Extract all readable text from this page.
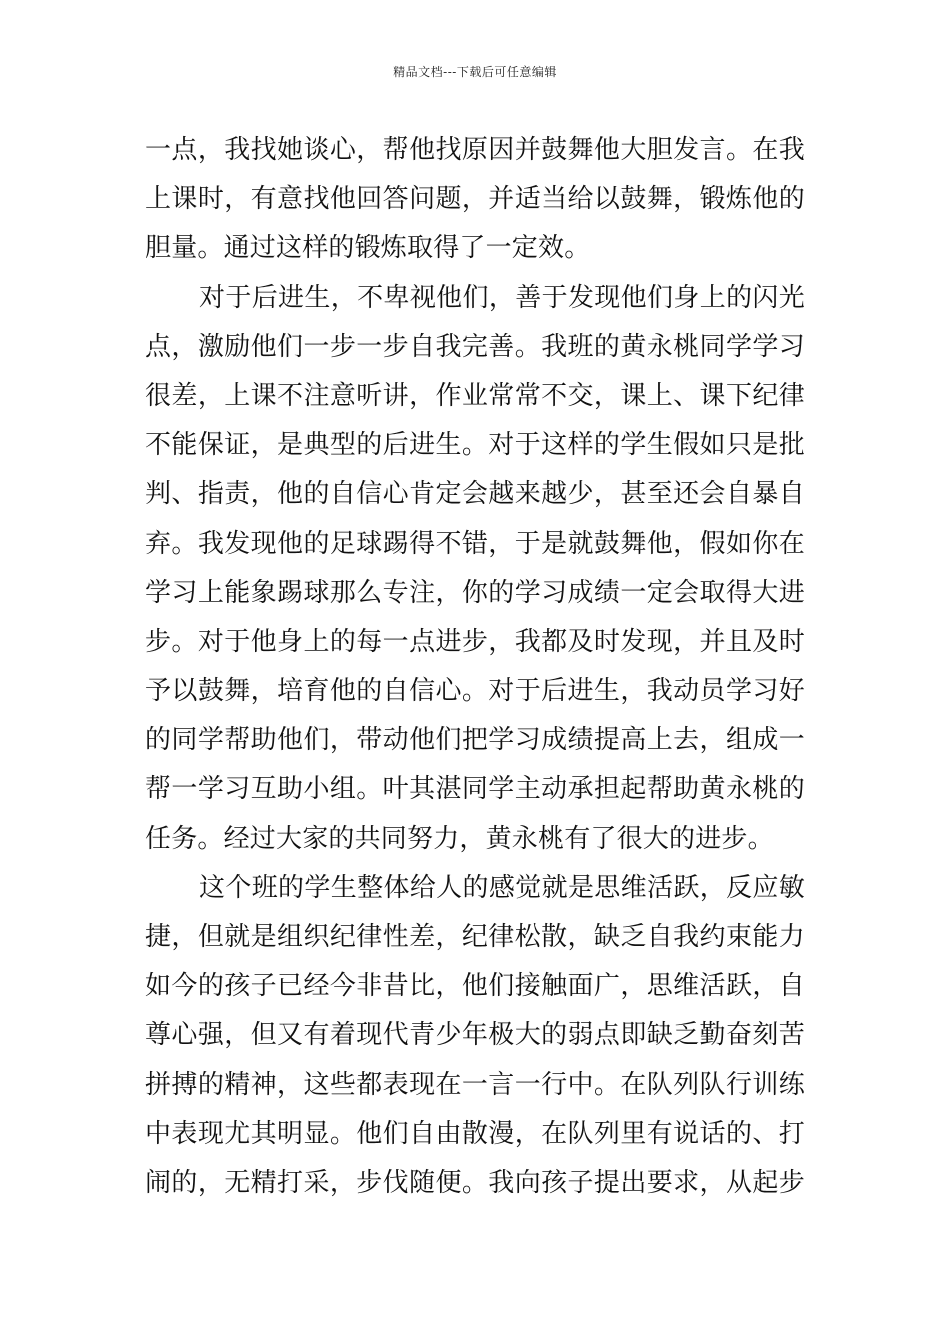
精品文档---下载后可任意编辑
一点，我找她谈心，帮他找原因并鼓舞他大胆发言。在我
上课时，有意找他回答问题，并适当给以鼓舞，锻炼他的
胆量。通过这样的锻炼取得了一定效。
对于后进生，不卑视他们，善于发现他们身上的闪光
点，激励他们一步一步自我完善。我班的黄永桃同学学习
很差，上课不注意听讲，作业常常不交，课上、课下纪律
不能保证，是典型的后进生。对于这样的学生假如只是批
判、指责，他的自信心肯定会越来越少，甚至还会自暴自
弃。我发现他的足球踢得不错，于是就鼓舞他，假如你在
学习上能象踢球那么专注，你的学习成绩一定会取得大进
步。对于他身上的每一点进步，我都及时发现，并且及时
予以鼓舞，培育他的自信心。对于后进生，我动员学习好
的同学帮助他们，带动他们把学习成绩提高上去，组成一
帮一学习互助小组。叶其湛同学主动承担起帮助黄永桃的
任务。经过大家的共同努力，黄永桃有了很大的进步。
这个班的学生整体给人的感觉就是思维活跃，反应敏
捷，但就是组织纪律性差，纪律松散，缺乏自我约束能力
如今的孩子已经今非昔比，他们接触面广，思维活跃，自
尊心强，但又有着现代青少年极大的弱点即缺乏勤奋刻苦
拼搏的精神，这些都表现在一言一行中。在队列队行训练
中表现尤其明显。他们自由散漫，在队列里有说话的、打
闹的，无精打采，步伐随便。我向孩子提出要求，从起步
